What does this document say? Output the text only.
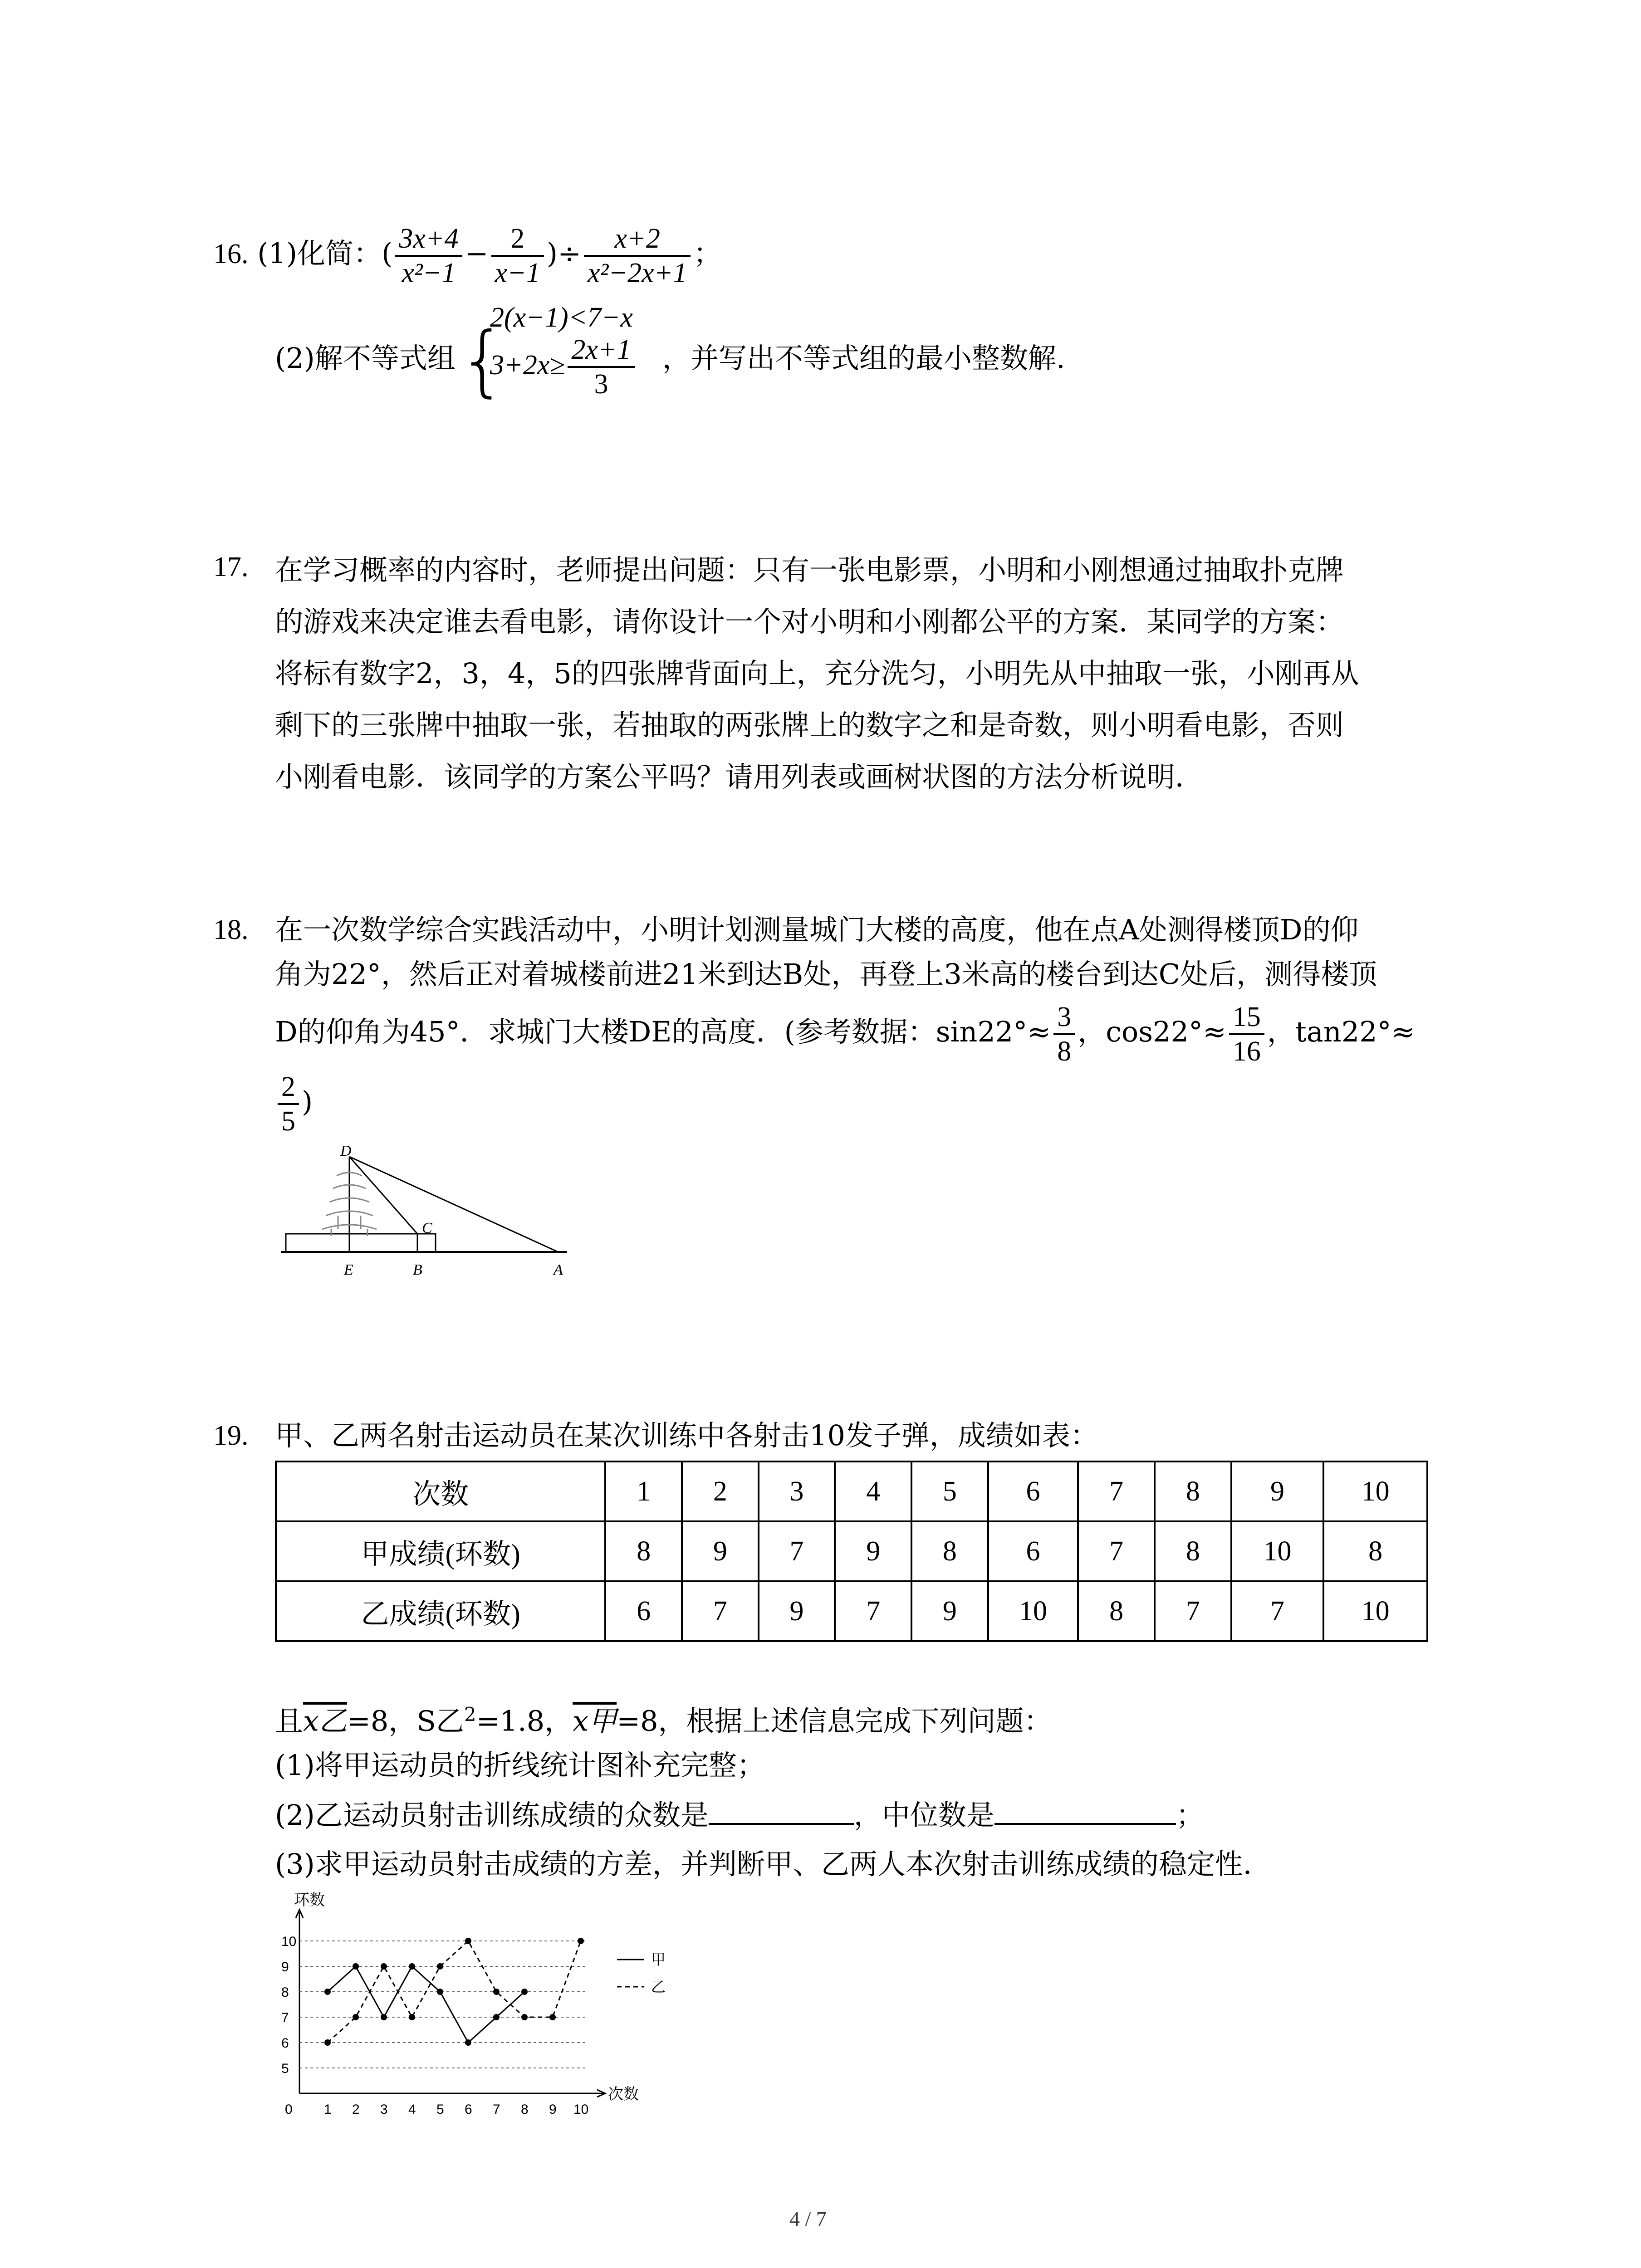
16. (1)化简：( $\frac{3x+4}{\text{x²−1}} - \frac{2}{x-1}$ )÷ $\frac{x+2}{\text{x²−2x+1}}$ ；
(2)解不等式组 {
2(x−1)<7−x
$3+2x\ge \frac{2x+1}{3}$ ，并写出不等式组的最小整数解.
17. 在学习概率的内容时，老师提出问题：只有一张电影票，小明和小刚想通过抽取扑克牌
的游戏来决定谁去看电影，请你设计一个对小明和小刚都公平的方案．某同学的方案：
将标有数字2，3，4，5的四张牌背面向上，充分洗匀，小明先从中抽取一张，小刚再从
剩下的三张牌中抽取一张，若抽取的两张牌上的数字之和是奇数，则小明看电影，否则
小刚看电影．该同学的方案公平吗？请用列表或画树状图的方法分析说明．
18. 在一次数学综合实践活动中，小明计划测量城门大楼的高度，他在点A处测得楼顶D的仰
角为22°，然后正对着城楼前进21米到达B处，再登上3米高的楼台到达C处后，测得楼顶
D的仰角为45°．求城门大楼DE的高度．(参考数据：$\sin 22^\circ\approx \frac{3}{8}$ ，$\cos 22^\circ\approx \frac{15}{16}$ ，tan22°≈
$\frac{2}{5}$ )
D
C
E	B	A
19. 甲、乙两名射击运动员在某次训练中各射击10发子弹，成绩如表：
次数	1	2	3	4	5	6	7	8	9	10
甲成绩(环数)	8	9	7	9	8	6	7	8	10	8
乙成绩(环数)	6	7	9	7	9	10	8	7	7	10
且x乙=8，S乙$^2$=1.8，x甲=8，根据上述信息完成下列问题：
(1)将甲运动员的折线统计图补充完整；
(2)乙运动员射击训练成绩的众数是	，中位数是	；
(3)求甲运动员射击成绩的方差，并判断甲、乙两人本次射击训练成绩的稳定性．
环数
次数
0
5
6
7
8
9
10
1 2 3 4 5 6 7 8 9 10
甲
乙
4 / 7
